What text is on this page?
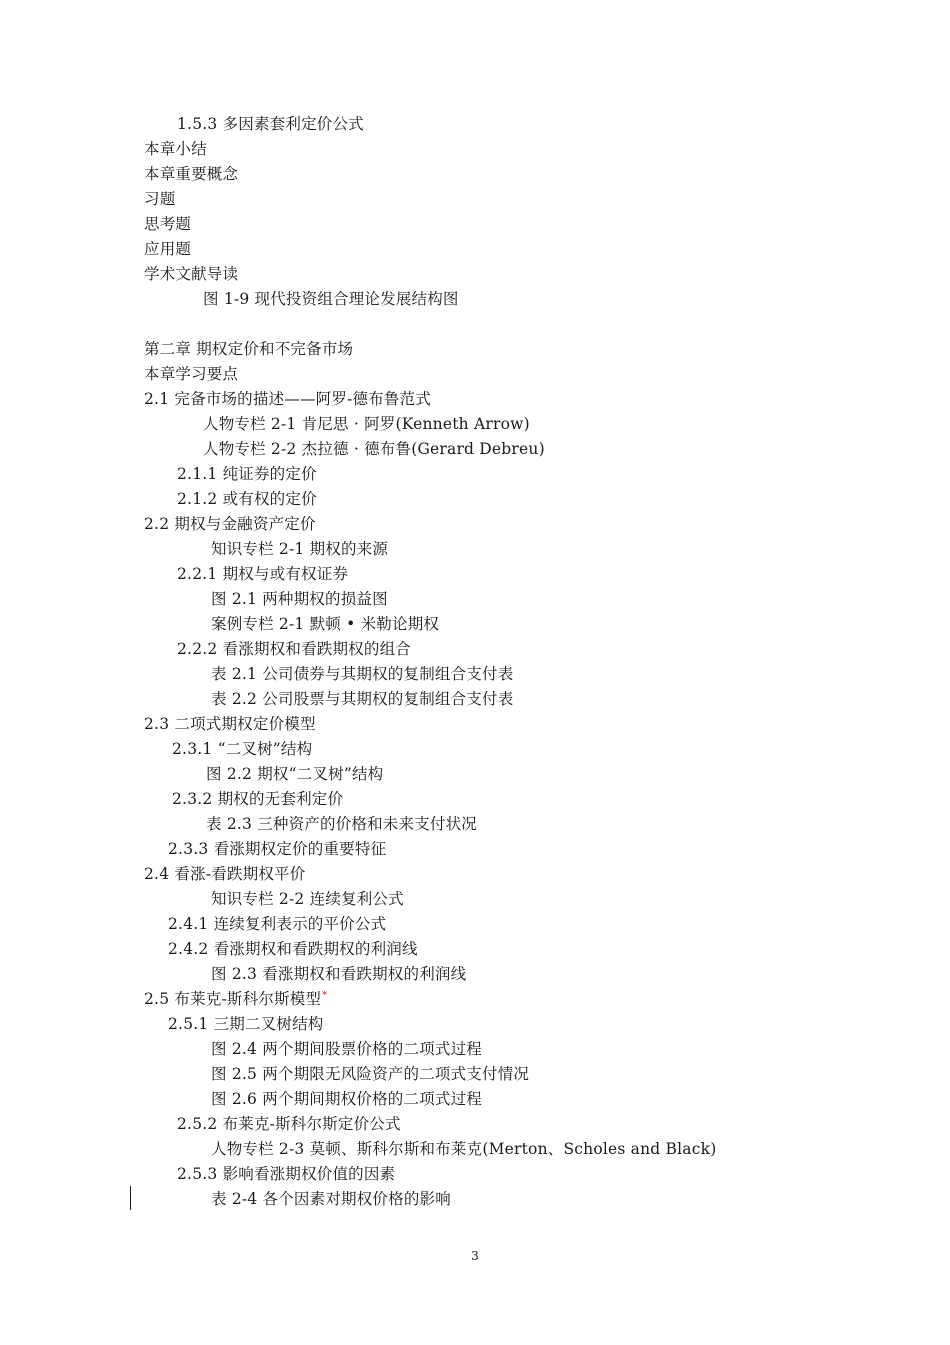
1.5.3 多因素套利定价公式
本章小结
本章重要概念
习题
思考题
应用题
学术文献导读
图 1-9 现代投资组合理论发展结构图
第二章 期权定价和不完备市场
本章学习要点
2.1 完备市场的描述——阿罗-德布鲁范式
人物专栏 2-1 肯尼思 · 阿罗(Kenneth Arrow)
人物专栏 2-2 杰拉德 · 德布鲁(Gerard Debreu)
2.1.1 纯证券的定价
2.1.2 或有权的定价
2.2 期权与金融资产定价
知识专栏 2-1 期权的来源
2.2.1 期权与或有权证券
图 2.1 两种期权的损益图
案例专栏 2-1 默顿 • 米勒论期权
2.2.2 看涨期权和看跌期权的组合
表 2.1 公司债券与其期权的复制组合支付表
表 2.2 公司股票与其期权的复制组合支付表
2.3 二项式期权定价模型
2.3.1 “二叉树”结构
图 2.2 期权“二叉树”结构
2.3.2 期权的无套利定价
表 2.3 三种资产的价格和未来支付状况
2.3.3 看涨期权定价的重要特征
2.4 看涨-看跌期权平价
知识专栏 2-2 连续复利公式
2.4.1 连续复利表示的平价公式
2.4.2 看涨期权和看跌期权的利润线
图 2.3 看涨期权和看跌期权的利润线
2.5 布莱克-斯科尔斯模型*
2.5.1 三期二叉树结构
图 2.4 两个期间股票价格的二项式过程
图 2.5 两个期限无风险资产的二项式支付情况
图 2.6 两个期间期权价格的二项式过程
2.5.2 布莱克-斯科尔斯定价公式
人物专栏 2-3 莫顿、斯科尔斯和布莱克(Merton、Scholes and Black)
2.5.3 影响看涨期权价值的因素
表 2-4 各个因素对期权价格的影响
3
